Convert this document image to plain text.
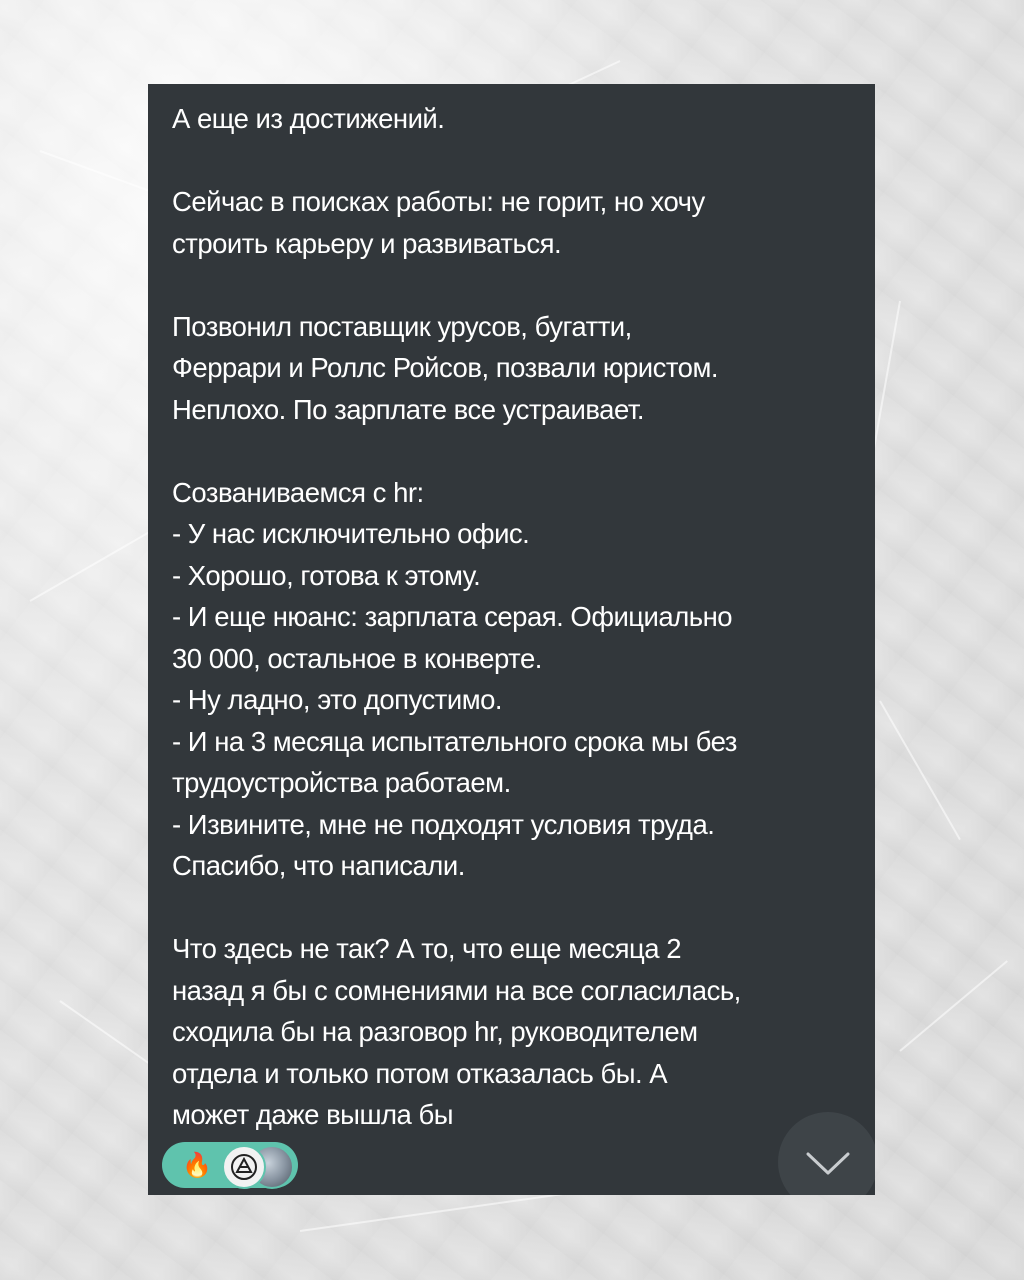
А еще из достижений.
Сейчас в поисках работы: не горит, но хочу
строить карьеру и развиваться.
Позвонил поставщик урусов, бугатти,
Феррари и Роллс Ройсов, позвали юристом.
Неплохо. По зарплате все устраивает.
Созваниваемся с hr:
- У нас исключительно офис.
- Хорошо, готова к этому.
- И еще нюанс: зарплата серая. Официально
30 000, остальное в конверте.
- Ну ладно, это допустимо.
- И на 3 месяца испытательного срока мы без
трудоустройства работаем.
- Извините, мне не подходят условия труда.
Спасибо, что написали.
Что здесь не так? А то, что еще месяца 2
назад я бы с сомнениями на все согласилась,
сходила бы на разговор hr, руководителем
отдела и только потом отказалась бы. А
может даже вышла бы
🔥
